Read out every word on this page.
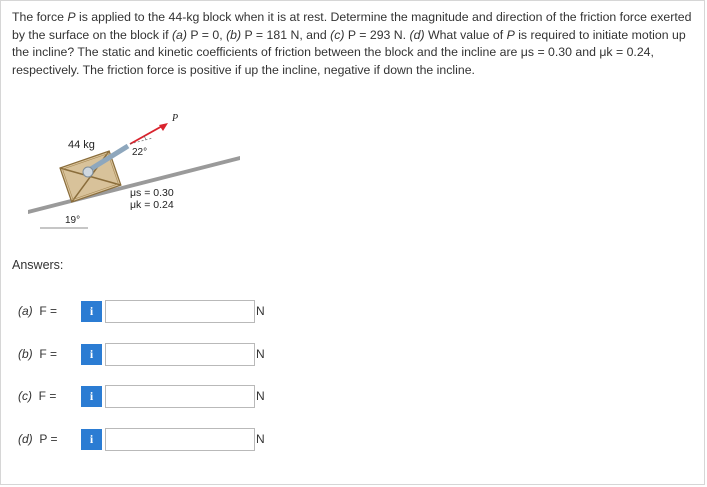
The force P is applied to the 44-kg block when it is at rest. Determine the magnitude and direction of the friction force exerted by the surface on the block if (a) P = 0, (b) P = 181 N, and (c) P = 293 N. (d) What value of P is required to initiate motion up the incline? The static and kinetic coefficients of friction between the block and the incline are μs = 0.30 and μk = 0.24, respectively. The friction force is positive if up the incline, negative if down the incline.
44 kg
P
22°
μs = 0.30
μk = 0.24
19°
Answers:
(a) F =	i	N
(b) F =	i	N
(c) F =	i	N
(d) P =	i	N
